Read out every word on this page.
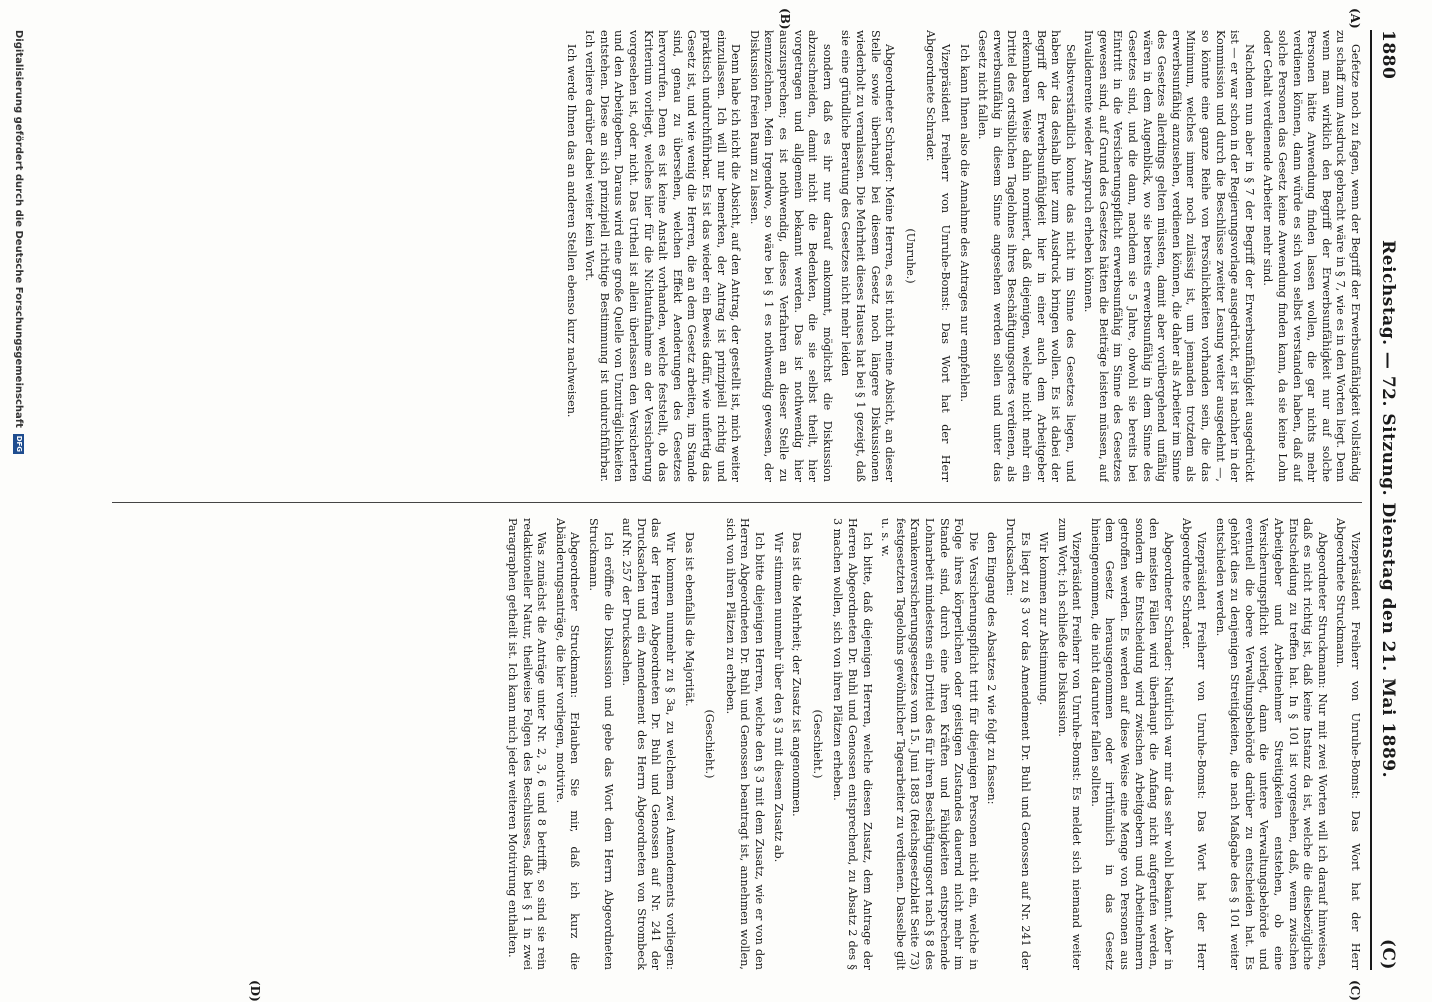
1880
Reichstag. — 72. Sitzung. Dienstag den 21. Mai 1889.
(C)
(A)
(B)
(C)
(D)

Gefetze noch zu fagen, wenn der Begriff der Erwerbsunfähigkeit vollständig zu schaff zum Ausdruck gebracht wäre in § 7, wie es in den Worten liegt. Denn wenn man wirklich den Begriff der Erwerbsunfähigkeit nur auf solche Personen hätte Anwendung finden lassen wollen, die gar nichts mehr verdienen können, dann würde es sich von selbst verstanden haben, daß auf solche Personen das Gesetz keine Anwendung finden kann, da sie keine Lohn oder Gehalt verdienende Arbeiter mehr sind.

Nachdem nun aber in § 7 der Begriff der Erwerbsunfähigkeit ausgedrückt ist — er war schon in der Regierungsvorlage ausgedrückt, er ist nachher in der Kommission und durch die Beschlüsse zweiter Lesung weiter ausgedehnt —, so könnte eine ganze Reihe von Persönlichkeiten vorhanden sein, die das Minimum, welches immer noch zulässig ist, um jemanden trotzdem als erwerbsunfähig anzusehen, verdienen können, die daher als Arbeiter im Sinne des Gesetzes allerdings gelten müssten, damit aber vorübergehend unfähig wären in dem Augenblick, wo sie bereits erwerbsunfähig in dem Sinne des Gesetzes sind, und die dann, nachdem sie 5 Jahre, obwohl sie bereits bei Eintritt in die Versicherungspflicht erwerbsunfähig im Sinne des Gesetzes gewesen sind, auf Grund des Gesetzes hätten die Beiträge leisten müssen, auf Invalidenrente wieder Anspruch erheben können.

Selbstverständlich konnte das nicht im Sinne des Gesetzes liegen, und haben wir das deshalb hier zum Ausdruck bringen wollen. Es ist dabei der Begriff der Erwerbsunfähigkeit hier in einer auch dem Arbeitgeber erkennbaren Weise dahin normiert, daß diejenigen, welche nicht mehr ein Drittel des ortsüblichen Tagelohnes ihres Beschäftigungsortes verdienen, als erwerbsunfähig in diesem Sinne angesehen werden sollen und unter das Gesetz nicht fallen.

Ich kann Ihnen also die Annahme des Antrages nur empfehlen.

Vizepräsident Freiherr von Unruhe-Bomst: Das Wort hat der Herr Abgeordnete Schrader.

(Unruhe.)

Abgeordneter Schrader: Meine Herren, es ist nicht meine Absicht, an dieser Stelle sowie überhaupt bei diesem Gesetz noch längere Diskussionen wiederholt zu veranlassen. Die Mehrheit dieses Hauses hat bei § 1 gezeigt, daß sie eine gründliche Beratung des Gesetzes nicht mehr leiden

sondern daß es ihr nur darauf ankommt, möglichst die Diskussion abzuschneiden, damit nicht die Bedenken, die sie selbst theilt, hier vorgetragen und allgemein bekannt werden. Das ist nothwendig hier auszusprechen; es ist nothwendig, dieses Verfahren an dieser Stelle zu kennzeichnen. Mein Irgendwo, so wäre bei § 1 es nothwendig gewesen, der Diskussion freien Raum zu lassen.

Denn habe ich nicht die Absicht, auf den Antrag, der gestellt ist, mich weiter einzulassen. Ich will nur bemerken, der Antrag ist prinzipiell richtig und praktisch undurchführbar. Es ist das wieder ein Beweis dafür, wie unfertig das Gesetz ist, und wie wenig die Herren, die an dem Gesetz arbeiten, im Stande sind, genau zu übersehen, welchen Effekt Aenderungen des Gesetzes hervorrufen. Denn es ist keine Anstalt vorhanden, welche feststellt, ob das Kriterium vorliegt, welches hier für die Nichtaufnahme an der Versicherung vorgesehen ist, oder nicht. Das Urtheil ist allein überlassen den Versicherten und den Arbeitgebern. Daraus wird eine große Quelle von Unzuträglichkeiten entstehen. Diese an sich prinzipiell richtige Bestimmung ist undurchführbar. Ich verliere darüber dabei weiter kein Wort.

Ich werde Ihnen das an anderen Stellen ebenso kurz nachweisen.

Vizepräsident Freiherr von Unruhe-Bomst: Das Wort hat der Herr Abgeordnete Struckmann.

Abgeordneter Struckmann: Nur mit zwei Worten will ich darauf hinweisen, daß es nicht richtig ist, daß keine Instanz da ist, welche die diesbezügliche Entscheidung zu treffen hat. In § 101 ist vorgesehen, daß, wenn zwischen Arbeitgeber und Arbeitnehmer Streitigkeiten entstehen, ob eine Versicherungspflicht vorliegt, dann die untere Verwaltungsbehörde und eventuell die obere Verwaltungsbehörde darüber zu entscheiden hat. Es gehört dies zu denjenigen Streitigkeiten, die nach Maßgabe des § 101 weiter entschieden werden.

Vizepräsident Freiherr von Unruhe-Bomst: Das Wort hat der Herr Abgeordnete Schrader.

Abgeordneter Schrader: Natürlich war mir das sehr wohl bekannt. Aber in den meisten Fällen wird überhaupt die Anfang nicht aufgerufen werden, sondern die Entscheidung wird zwischen Arbeitgebern und Arbeitnehmern getroffen werden. Es werden auf diese Weise eine Menge von Personen aus dem Gesetz herausgenommen oder irrthümlich in das Gesetz hineingenommen, die nicht darunter fallen sollten.

Vizepräsident Freiherr von Unruhe-Bomst: Es meldet sich niemand weiter zum Wort; ich schließe die Diskussion.

Wir kommen zur Abstimmung.

Es liegt zu § 3 vor das Amendement Dr. Buhl und Genossen auf Nr. 241 der Drucksachen:

den Eingang des Absatzes 2 wie folgt zu fassen:

Die Versicherungspflicht tritt für diejenigen Personen nicht ein, welche in Folge ihres körperlichen oder geistigen Zustandes dauernd nicht mehr im Stande sind, durch eine ihren Kräften und Fähigkeiten entsprechende Lohnarbeit mindestens ein Drittel des für ihren Beschäftigungsort nach § 8 des Krankenversicherungsgesetzes vom 15. Juni 1883 (Reichsgesetzblatt Seite 73) festgesetzten Tagelohns gewöhnlicher Tagearbeiter zu verdienen. Dasselbe gilt u. s. w.

Ich bitte, daß diejenigen Herren, welche diesen Zusatz, dem Antrage der Herren Abgeordneten Dr. Buhl und Genossen entsprechend, zu Absatz 2 des § 3 machen wollen, sich von ihren Plätzen erheben.

(Geschieht.)

Das ist die Mehrheit; der Zusatz ist angenommen.

Wir stimmen nunmehr über den § 3 mit diesem Zusatz ab.

Ich bitte diejenigen Herren, welche den § 3 mit dem Zusatz, wie er von den Herren Abgeordneten Dr. Buhl und Genossen beantragt ist, annehmen wollen, sich von ihren Plätzen zu erheben.

(Geschieht.)

Das ist ebenfalls die Majorität.

Wir kommen nunmehr zu § 3a, zu welchem zwei Amendements vorliegen: das der Herren Abgeordneten Dr. Buhl und Genossen auf Nr. 241 der Drucksachen und ein Amendement des Herrn Abgeordneten von Strombeck auf Nr. 257 der Drucksachen.

Ich eröffne die Diskussion und gebe das Wort dem Herrn Abgeordneten Struckmann.

Abgeordneter Struckmann: Erlauben Sie mir, daß ich kurz die Abänderungsanträge, die hier vorliegen, motivire.

Was zunächst die Anträge unter Nr. 2, 3, 6 und 8 betrifft, so sind sie rein redaktioneller Natur, theilweise Folgen des Beschlusses, daß bei § 1 in zwei Paragraphen getheilt ist. Ich kann mich jeder weiteren Motivirung enthalten.

Digitalisierung gefördert durch die Deutsche Forschungsgemeinschaft
DFG
